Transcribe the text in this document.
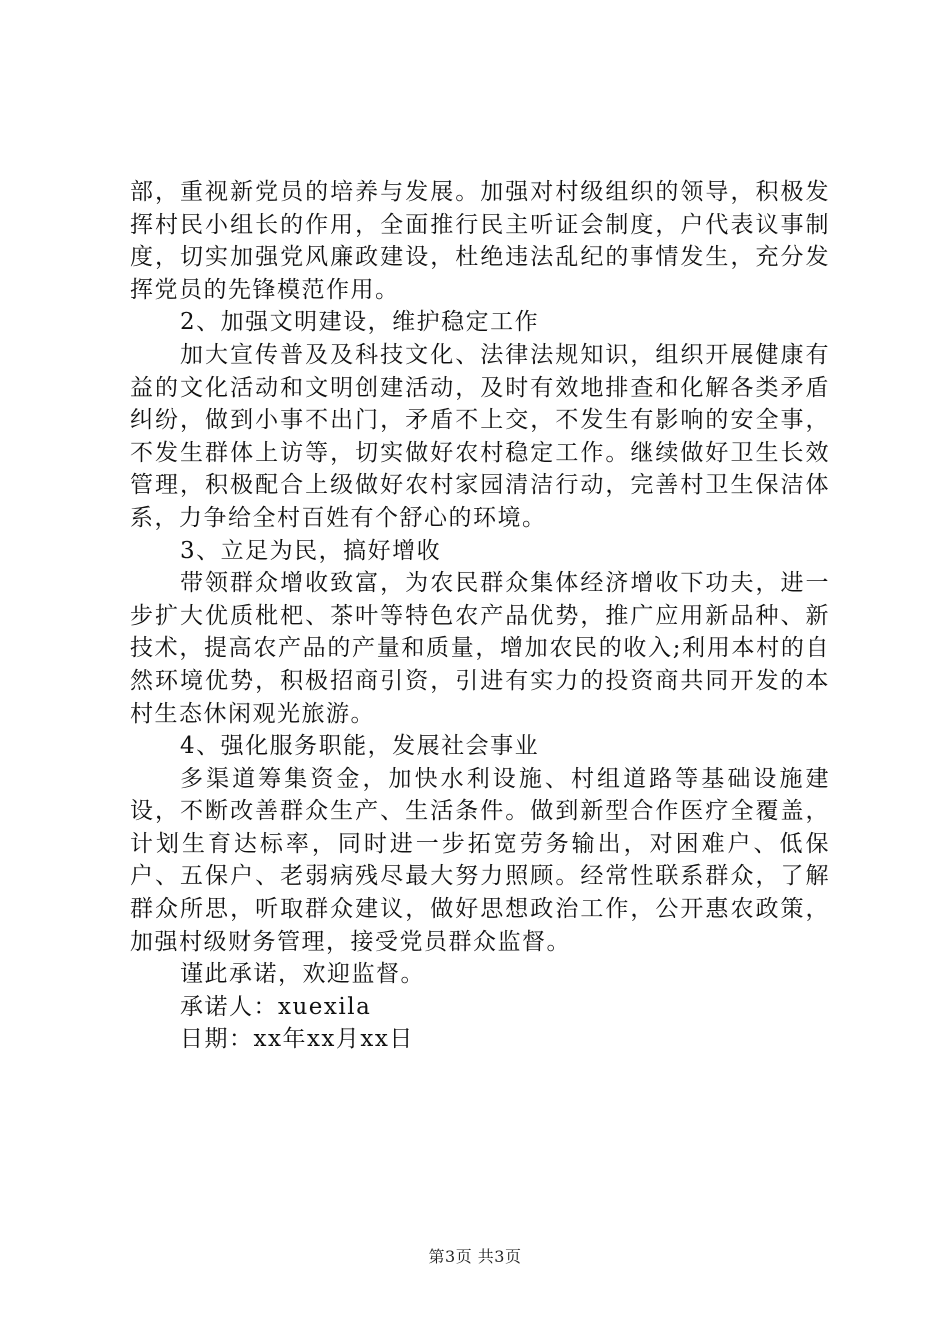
部，重视新党员的培养与发展。加强对村级组织的领导，积极发挥村民小组长的作用，全面推行民主听证会制度，户代表议事制度，切实加强党风廉政建设，杜绝违法乱纪的事情发生，充分发挥党员的先锋模范作用。

2、加强文明建设，维护稳定工作

加大宣传普及及科技文化、法律法规知识，组织开展健康有益的文化活动和文明创建活动，及时有效地排查和化解各类矛盾纠纷，做到小事不出门，矛盾不上交，不发生有影响的安全事，不发生群体上访等，切实做好农村稳定工作。继续做好卫生长效管理，积极配合上级做好农村家园清洁行动，完善村卫生保洁体系，力争给全村百姓有个舒心的环境。

3、立足为民，搞好增收

带领群众增收致富，为农民群众集体经济增收下功夫，进一步扩大优质枇杷、茶叶等特色农产品优势，推广应用新品种、新技术，提高农产品的产量和质量，增加农民的收入;利用本村的自然环境优势，积极招商引资，引进有实力的投资商共同开发的本村生态休闲观光旅游。

4、强化服务职能，发展社会事业

多渠道筹集资金，加快水利设施、村组道路等基础设施建设，不断改善群众生产、生活条件。做到新型合作医疗全覆盖，计划生育达标率，同时进一步拓宽劳务输出，对困难户、低保户、五保户、老弱病残尽最大努力照顾。经常性联系群众，了解群众所思，听取群众建议，做好思想政治工作，公开惠农政策，加强村级财务管理，接受党员群众监督。

谨此承诺，欢迎监督。

承诺人：xuexila

日期：xx年xx月xx日

第3页 共3页
